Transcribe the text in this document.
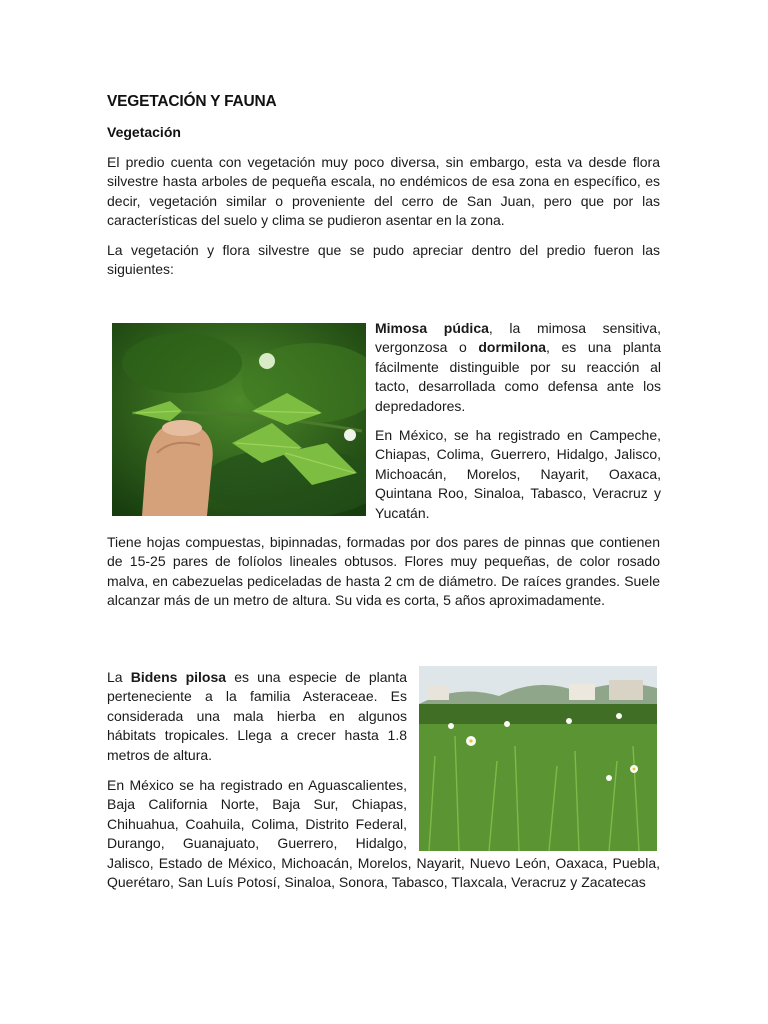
VEGETACIÓN Y FAUNA
Vegetación

El predio cuenta con vegetación muy poco diversa, sin embargo, esta va desde flora silvestre hasta arboles de pequeña escala, no endémicos de esa zona en específico, es decir, vegetación similar o proveniente del cerro de San Juan, pero que por las características del suelo y clima se pudieron asentar en la zona.

La vegetación y flora silvestre que se pudo apreciar dentro del predio fueron las siguientes:

Mimosa púdica, la mimosa sensitiva, vergonzosa o dormilona, es una planta fácilmente distinguible por su reacción al tacto, desarrollada como defensa ante los depredadores.

En México, se ha registrado en Campeche, Chiapas, Colima, Guerrero, Hidalgo, Jalisco, Michoacán, Morelos, Nayarit, Oaxaca, Quintana Roo, Sinaloa, Tabasco, Veracruz y Yucatán.

Tiene hojas compuestas, bipinnadas, formadas por dos pares de pinnas que contienen de 15-25 pares de folíolos lineales obtusos. Flores muy pequeñas, de color rosado malva, en cabezuelas pediceladas de hasta 2 cm de diámetro. De raíces grandes. Suele alcanzar más de un metro de altura. Su vida es corta, 5 años aproximadamente.

La Bidens pilosa es una especie de planta perteneciente a la familia Asteraceae. Es considerada una mala hierba en algunos hábitats tropicales. Llega a crecer hasta 1.8 metros de altura.

En México se ha registrado en Aguascalientes, Baja California Norte, Baja Sur, Chiapas, Chihuahua, Coahuila, Colima, Distrito Federal, Durango, Guanajuato, Guerrero, Hidalgo, Jalisco, Estado de México, Michoacán, Morelos, Nayarit, Nuevo León, Oaxaca, Puebla, Querétaro, San Luís Potosí, Sinaloa, Sonora, Tabasco, Tlaxcala, Veracruz y Zacatecas
